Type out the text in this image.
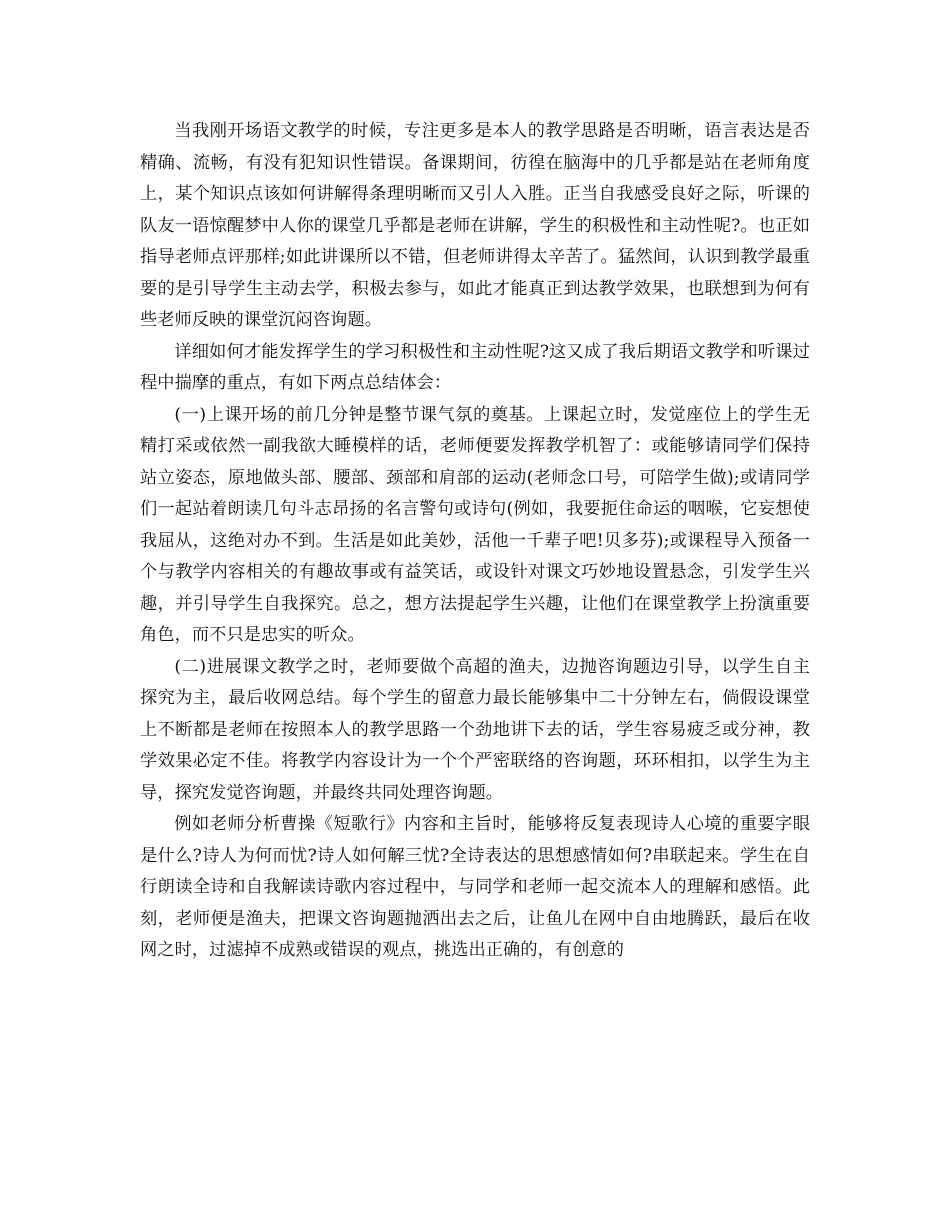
当我刚开场语文教学的时候，专注更多是本人的教学思路是否明晰，语言表达是否精确、流畅，有没有犯知识性错误。备课期间，彷徨在脑海中的几乎都是站在老师角度上，某个知识点该如何讲解得条理明晰而又引人入胜。正当自我感受良好之际，听课的队友一语惊醒梦中人你的课堂几乎都是老师在讲解，学生的积极性和主动性呢?。也正如指导老师点评那样;如此讲课所以不错，但老师讲得太辛苦了。猛然间，认识到教学最重要的是引导学生主动去学，积极去参与，如此才能真正到达教学效果，也联想到为何有些老师反映的课堂沉闷咨询题。

详细如何才能发挥学生的学习积极性和主动性呢?这又成了我后期语文教学和听课过程中揣摩的重点，有如下两点总结体会：

(一)上课开场的前几分钟是整节课气氛的奠基。上课起立时，发觉座位上的学生无精打采或依然一副我欲大睡模样的话，老师便要发挥教学机智了：或能够请同学们保持站立姿态，原地做头部、腰部、颈部和肩部的运动(老师念口号，可陪学生做);或请同学们一起站着朗读几句斗志昂扬的名言警句或诗句(例如，我要扼住命运的咽喉，它妄想使我屈从，这绝对办不到。生活是如此美妙，活他一千辈子吧!贝多芬);或课程导入预备一个与教学内容相关的有趣故事或有益笑话，或设针对课文巧妙地设置悬念，引发学生兴趣，并引导学生自我探究。总之，想方法提起学生兴趣，让他们在课堂教学上扮演重要角色，而不只是忠实的听众。

(二)进展课文教学之时，老师要做个高超的渔夫，边抛咨询题边引导，以学生自主探究为主，最后收网总结。每个学生的留意力最长能够集中二十分钟左右，倘假设课堂上不断都是老师在按照本人的教学思路一个劲地讲下去的话，学生容易疲乏或分神，教学效果必定不佳。将教学内容设计为一个个严密联络的咨询题，环环相扣，以学生为主导，探究发觉咨询题，并最终共同处理咨询题。

例如老师分析曹操《短歌行》内容和主旨时，能够将反复表现诗人心境的重要字眼是什么?诗人为何而忧?诗人如何解三忧?全诗表达的思想感情如何?串联起来。学生在自行朗读全诗和自我解读诗歌内容过程中，与同学和老师一起交流本人的理解和感悟。此刻，老师便是渔夫，把课文咨询题抛洒出去之后，让鱼儿在网中自由地腾跃，最后在收网之时，过滤掉不成熟或错误的观点，挑选出正确的，有创意的
